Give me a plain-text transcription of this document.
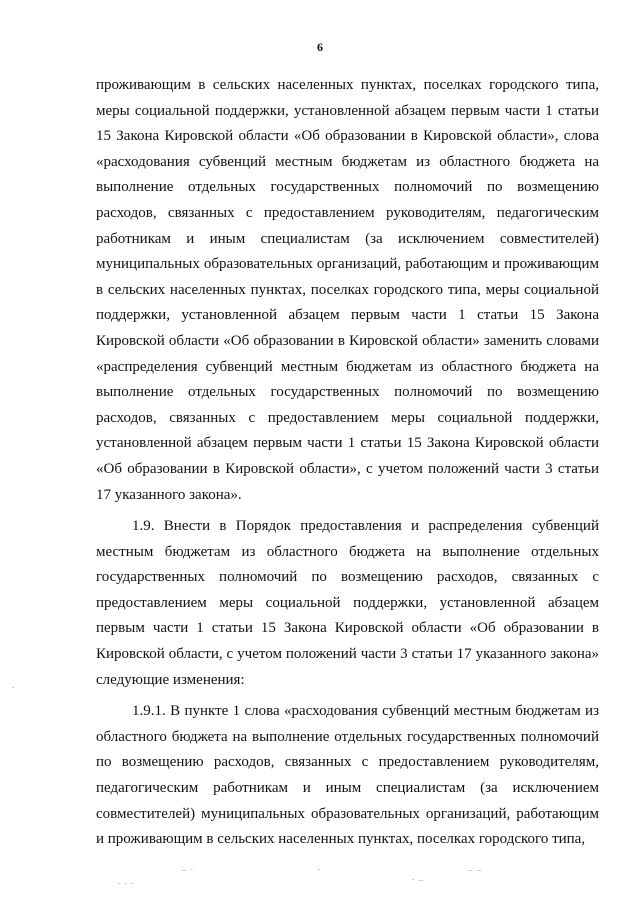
6

проживающим в сельских населенных пунктах, поселках городского типа, меры социальной поддержки, установленной абзацем первым части 1 статьи 15 Закона Кировской области «Об образовании в Кировской области», слова «расходования субвенций местным бюджетам из областного бюджета на выполнение отдельных государственных полномочий по возмещению расходов, связанных с предоставлением руководителям, педагогическим работникам и иным специалистам (за исключением совместителей) муниципальных образовательных организаций, работающим и проживающим в сельских населенных пунктах, поселках городского типа, меры социальной поддержки, установленной абзацем первым части 1 статьи 15 Закона Кировской области «Об образовании в Кировской области» заменить словами «распределения субвенций местным бюджетам из областного бюджета на выполнение отдельных государственных полномочий по возмещению расходов, связанных с предоставлением меры социальной поддержки, установленной абзацем первым части 1 статьи 15 Закона Кировской области «Об образовании в Кировской области», с учетом положений части 3 статьи 17 указанного закона».

1.9. Внести в Порядок предоставления и распределения субвенций местным бюджетам из областного бюджета на выполнение отдельных государственных полномочий по возмещению расходов, связанных с предоставлением меры социальной поддержки, установленной абзацем первым части 1 статьи 15 Закона Кировской области «Об образовании в Кировской области, с учетом положений части 3 статьи 17 указанного закона» следующие изменения:

1.9.1. В пункте 1 слова «расходования субвенций местным бюджетам из областного бюджета на выполнение отдельных государственных полномочий по возмещению расходов, связанных с предоставлением руководителям, педагогическим работникам и иным специалистам (за исключением совместителей) муниципальных образовательных организаций, работающим и проживающим в сельских населенных пунктах, поселках городского типа,

. . .
_ .	.
. _
_ _
.
